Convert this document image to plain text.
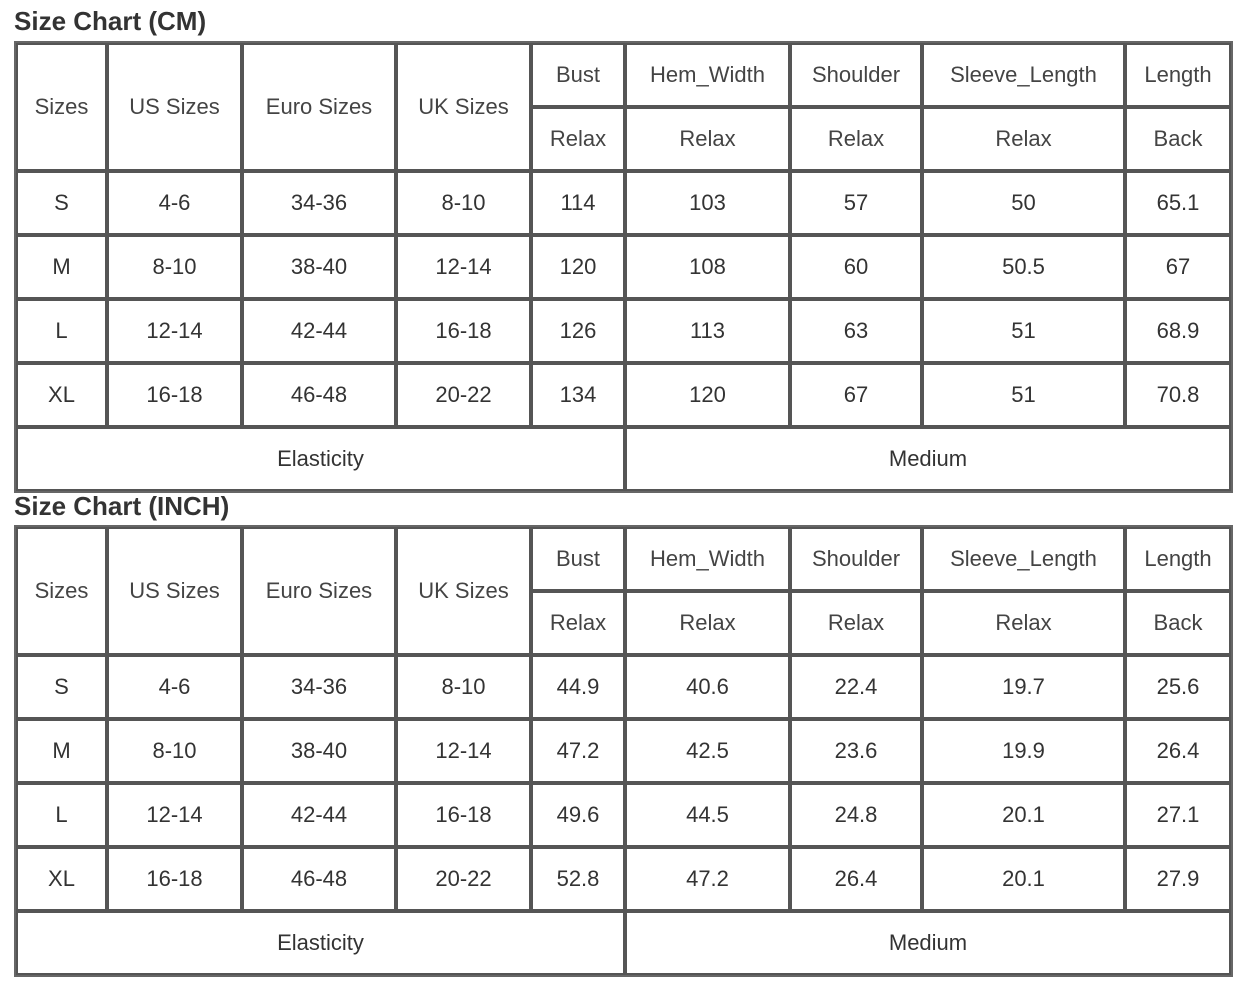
Size Chart (CM)
Sizes	US Sizes	Euro Sizes	UK Sizes	Bust	Hem_Width	Shoulder	Sleeve_Length	Length
				Relax	Relax	Relax	Relax	Back
S	4-6	34-36	8-10	114	103	57	50	65.1
M	8-10	38-40	12-14	120	108	60	50.5	67
L	12-14	42-44	16-18	126	113	63	51	68.9
XL	16-18	46-48	20-22	134	120	67	51	70.8
Elasticity					Medium			
Size Chart (INCH)
Sizes	US Sizes	Euro Sizes	UK Sizes	Bust	Hem_Width	Shoulder	Sleeve_Length	Length
				Relax	Relax	Relax	Relax	Back
S	4-6	34-36	8-10	44.9	40.6	22.4	19.7	25.6
M	8-10	38-40	12-14	47.2	42.5	23.6	19.9	26.4
L	12-14	42-44	16-18	49.6	44.5	24.8	20.1	27.1
XL	16-18	46-48	20-22	52.8	47.2	26.4	20.1	27.9
Elasticity					Medium			
